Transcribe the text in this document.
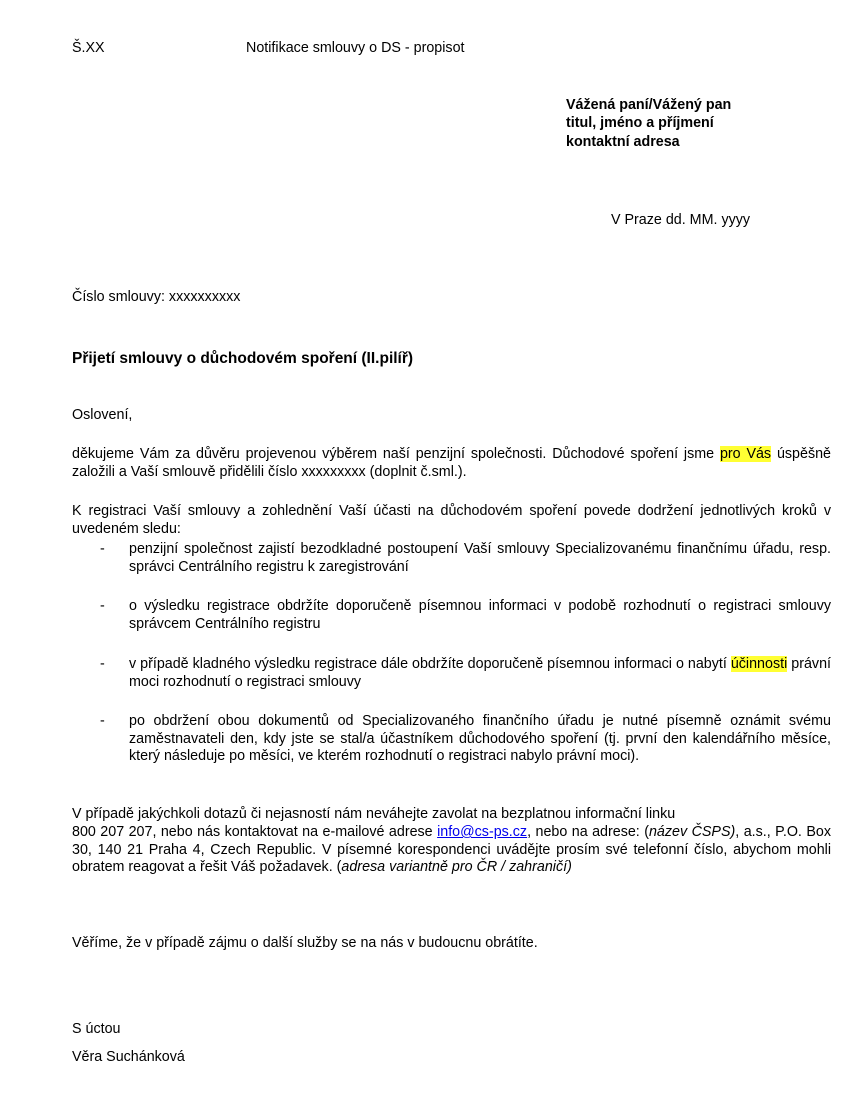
Š.XX	Notifikace smlouvy o DS - propisot
Vážená paní/Vážený pan
titul, jméno a příjmení
kontaktní adresa
V Praze dd. MM. yyyy
Číslo smlouvy: xxxxxxxxxx
Přijetí smlouvy o důchodovém spoření (II.pilíř)
Oslovení,
děkujeme Vám za důvěru projevenou výběrem naší penzijní společnosti. Důchodové spoření jsme pro Vás úspěšně založili a Vaší smlouvě přidělili číslo xxxxxxxxx (doplnit č.sml.).
K registraci Vaší smlouvy a zohlednění Vaší účasti na důchodovém spoření povede dodržení jednotlivých kroků v uvedeném sledu:
- penzijní společnost zajistí bezodkladné postoupení Vaší smlouvy Specializovanému finančnímu úřadu, resp. správci Centrálního registru k zaregistrování
- o výsledku registrace obdržíte doporučeně písemnou informaci v podobě rozhodnutí o registraci smlouvy správcem Centrálního registru
- v případě kladného výsledku registrace dále obdržíte doporučeně písemnou informaci o nabytí účinnosti právní moci rozhodnutí o registraci smlouvy
- po obdržení obou dokumentů od Specializovaného finančního úřadu je nutné písemně oznámit svému zaměstnavateli den, kdy jste se stal/a účastníkem důchodového spoření (tj. první den kalendářního měsíce, který následuje po měsíci, ve kterém rozhodnutí o registraci nabylo právní moci).
V případě jakýchkoli dotazů či nejasností nám neváhejte zavolat na bezplatnou informační linku
800 207 207, nebo nás kontaktovat na e-mailové adrese info@cs-ps.cz, nebo na adrese: (název ČSPS), a.s., P.O. Box 30, 140 21 Praha 4, Czech Republic. V písemné korespondenci uvádějte prosím své telefonní číslo, abychom mohli obratem reagovat a řešit Váš požadavek. (adresa variantně pro ČR / zahraničí)
Věříme, že v případě zájmu o další služby se na nás v budoucnu obrátíte.
S úctou
Věra Suchánková
